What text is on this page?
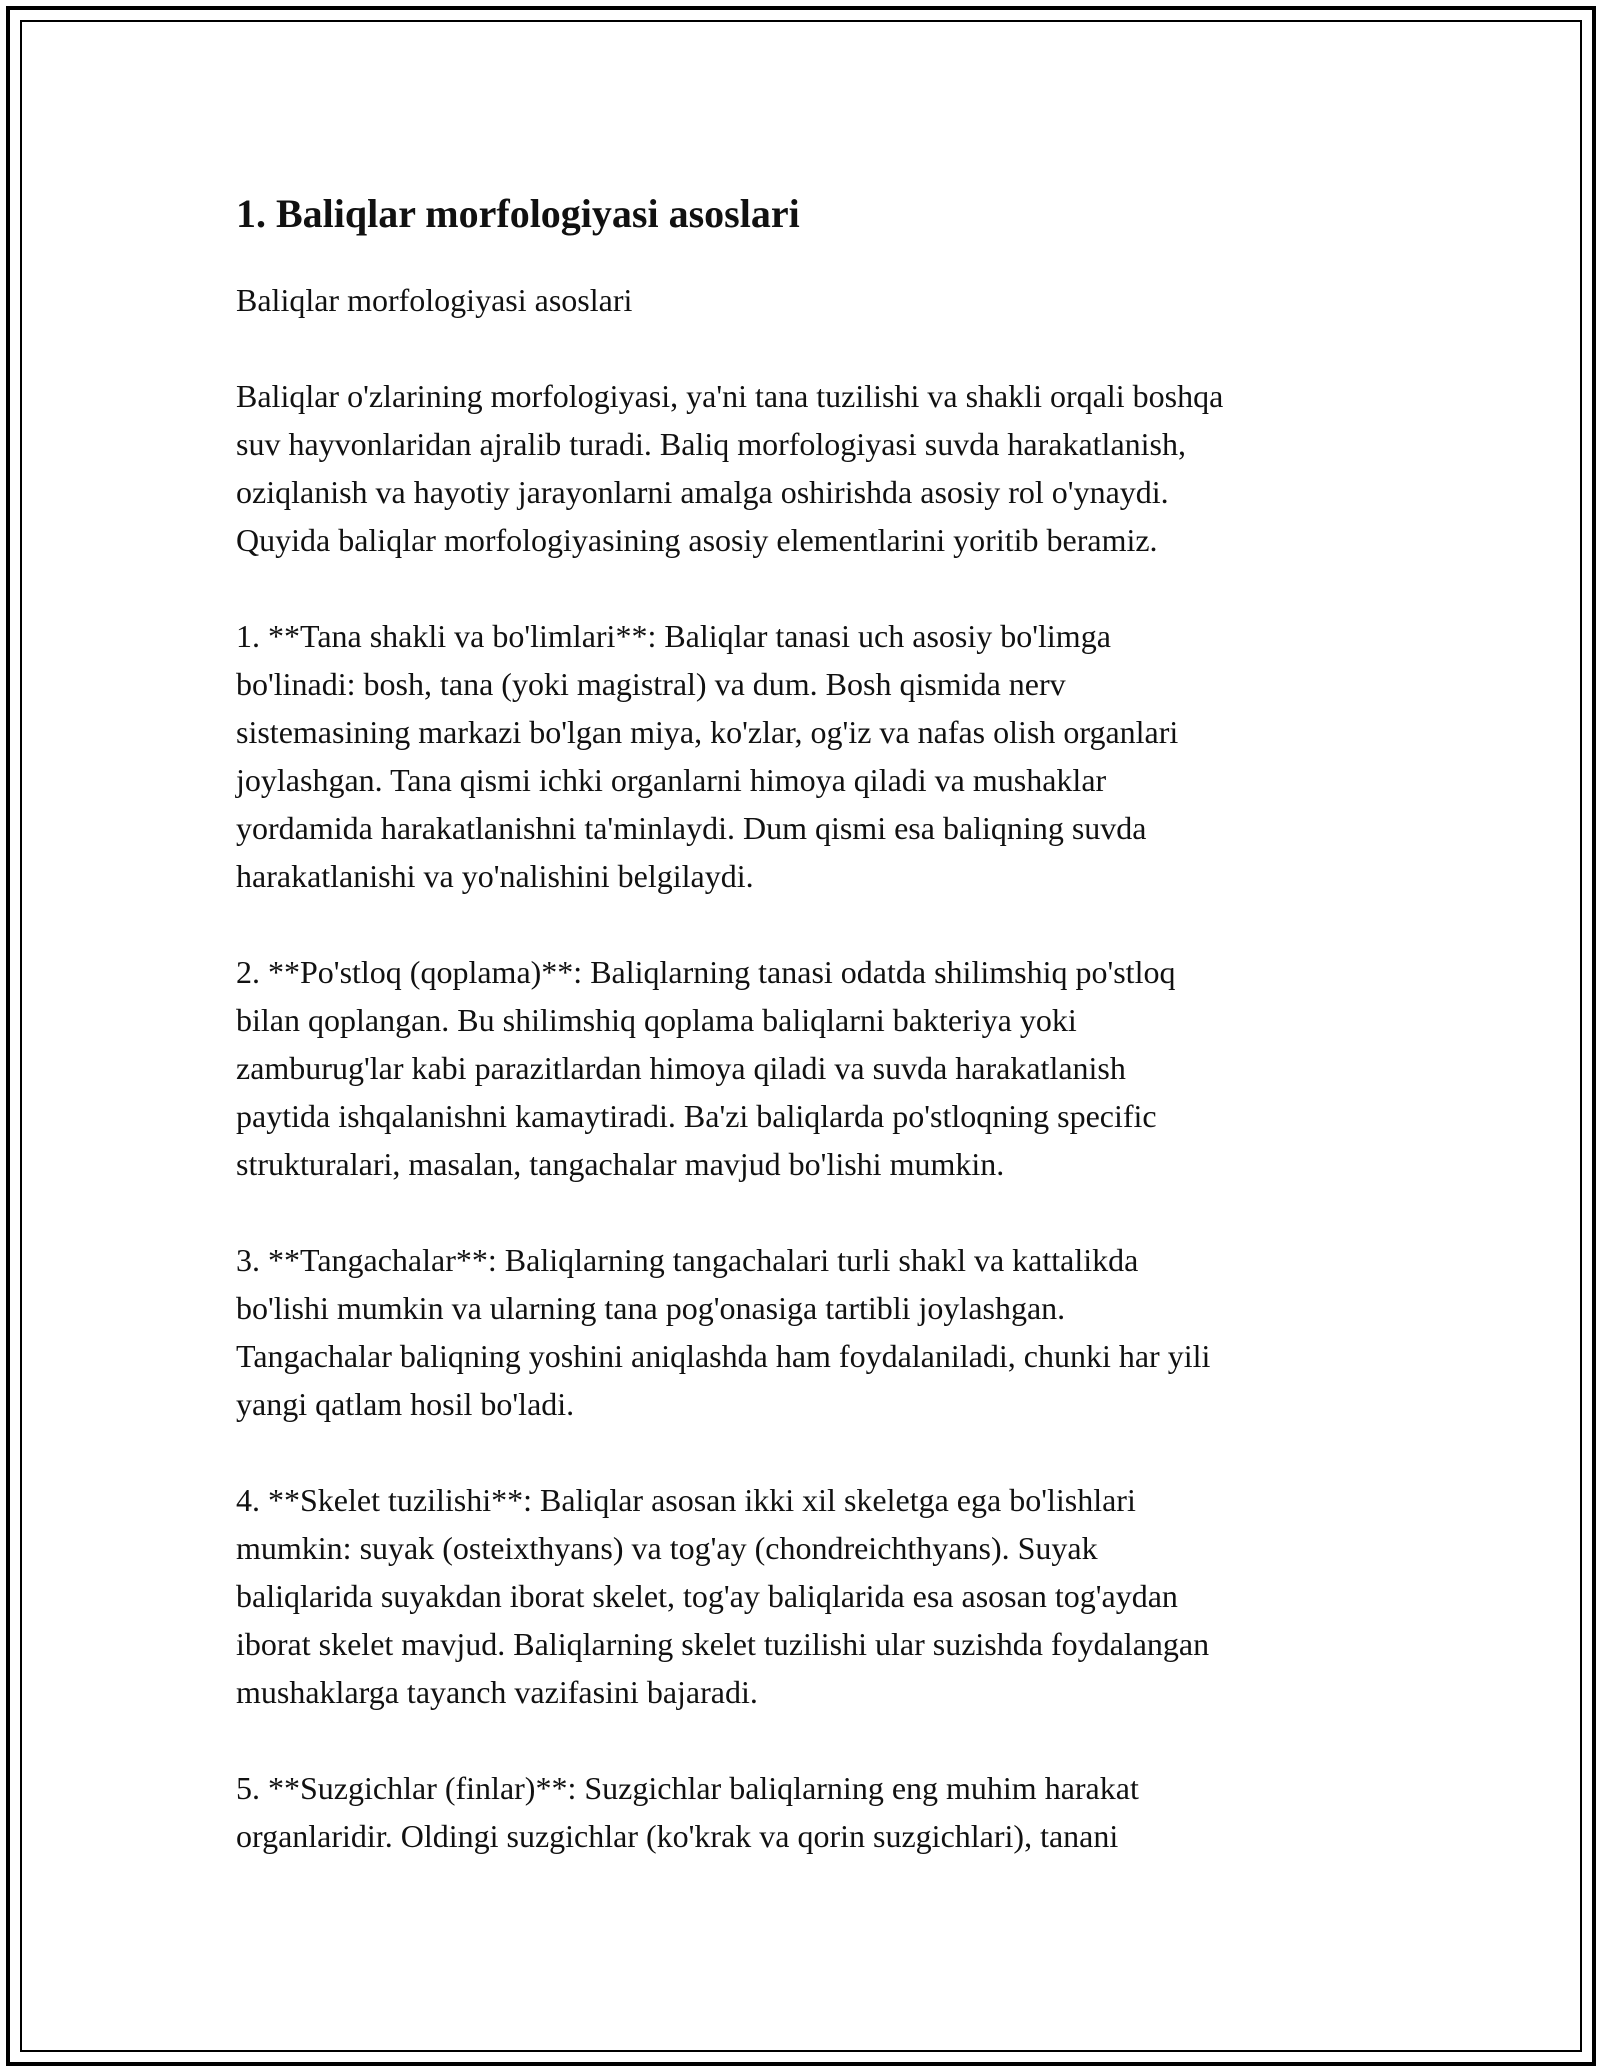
1. Baliqlar morfologiyasi asoslari

Baliqlar morfologiyasi asoslari

Baliqlar o'zlarining morfologiyasi, ya'ni tana tuzilishi va shakli orqali boshqa
suv hayvonlaridan ajralib turadi. Baliq morfologiyasi suvda harakatlanish,
oziqlanish va hayotiy jarayonlarni amalga oshirishda asosiy rol o'ynaydi.
Quyida baliqlar morfologiyasining asosiy elementlarini yoritib beramiz.

1. **Tana shakli va bo'limlari**: Baliqlar tanasi uch asosiy bo'limga
bo'linadi: bosh, tana (yoki magistral) va dum. Bosh qismida nerv
sistemasining markazi bo'lgan miya, ko'zlar, og'iz va nafas olish organlari
joylashgan. Tana qismi ichki organlarni himoya qiladi va mushaklar
yordamida harakatlanishni ta'minlaydi. Dum qismi esa baliqning suvda
harakatlanishi va yo'nalishini belgilaydi.

2. **Po'stloq (qoplama)**: Baliqlarning tanasi odatda shilimshiq po'stloq
bilan qoplangan. Bu shilimshiq qoplama baliqlarni bakteriya yoki
zamburug'lar kabi parazitlardan himoya qiladi va suvda harakatlanish
paytida ishqalanishni kamaytiradi. Ba'zi baliqlarda po'stloqning specific
strukturalari, masalan, tangachalar mavjud bo'lishi mumkin.

3. **Tangachalar**: Baliqlarning tangachalari turli shakl va kattalikda
bo'lishi mumkin va ularning tana pog'onasiga tartibli joylashgan.
Tangachalar baliqning yoshini aniqlashda ham foydalaniladi, chunki har yili
yangi qatlam hosil bo'ladi.

4. **Skelet tuzilishi**: Baliqlar asosan ikki xil skeletga ega bo'lishlari
mumkin: suyak (osteixthyans) va tog'ay (chondreichthyans). Suyak
baliqlarida suyakdan iborat skelet, tog'ay baliqlarida esa asosan tog'aydan
iborat skelet mavjud. Baliqlarning skelet tuzilishi ular suzishda foydalangan
mushaklarga tayanch vazifasini bajaradi.

5. **Suzgichlar (finlar)**: Suzgichlar baliqlarning eng muhim harakat
organlaridir. Oldingi suzgichlar (ko'krak va qorin suzgichlari), tanani
